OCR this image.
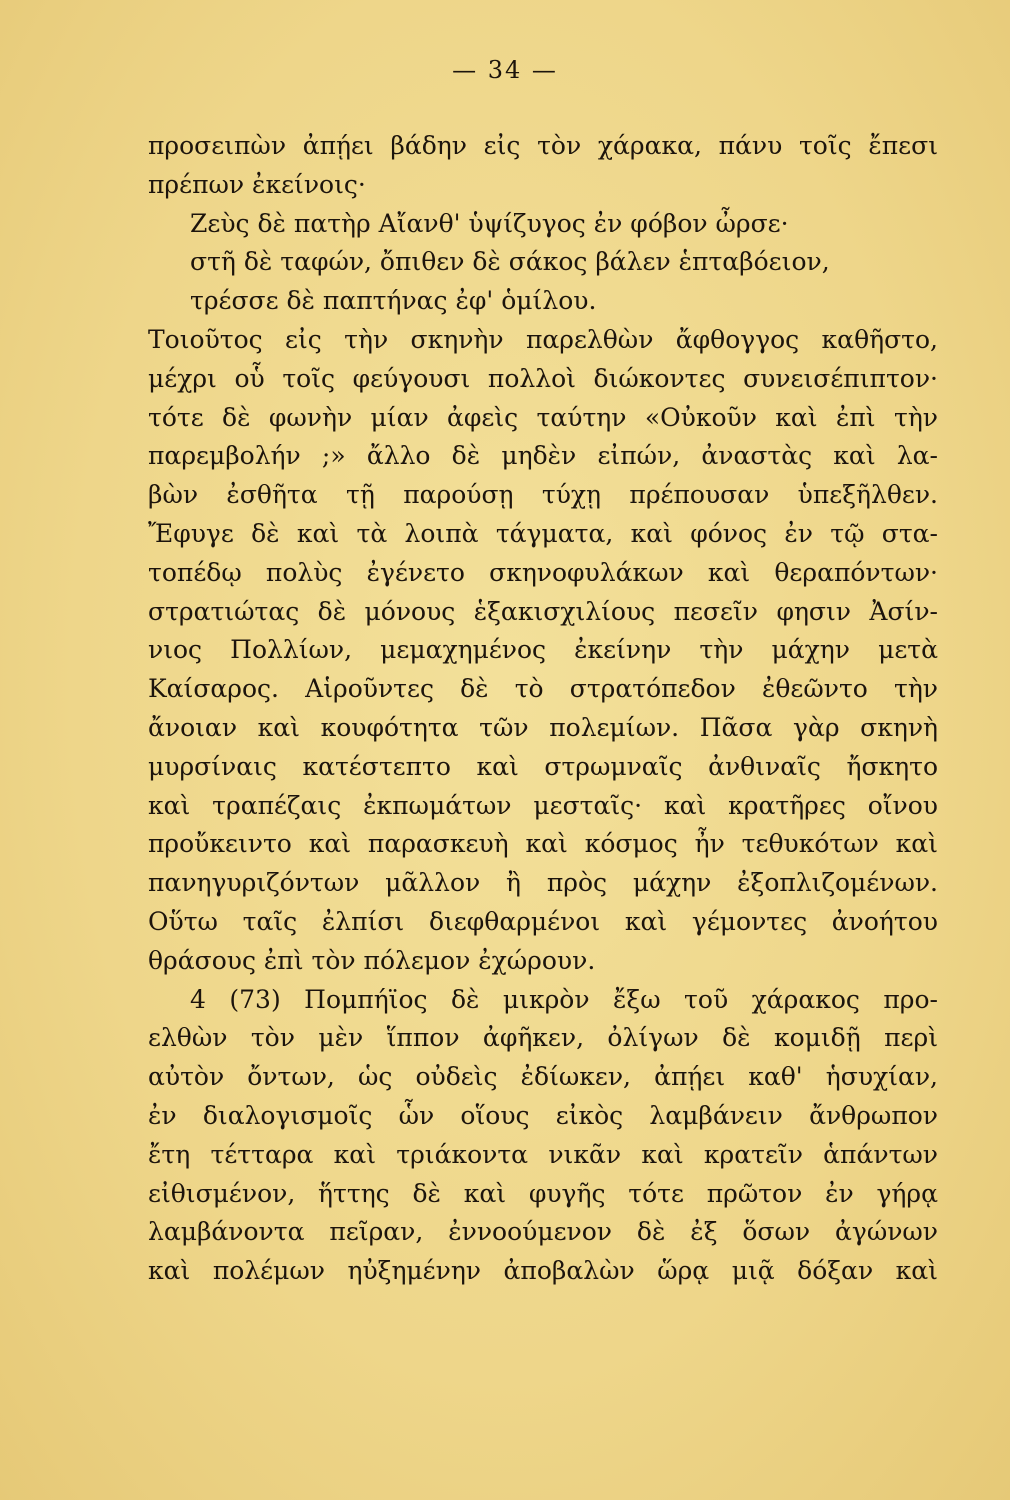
— 34 —
προσειπὼν ἀπῄει βάδην εἰς τὸν χάρακα, πάνυ τοῖς ἔπεσι
πρέπων ἐκείνοις·
Ζεὺς δὲ πατὴρ Αἴανθ' ὑψίζυγος ἐν φόβον ὦρσε·
στῆ δὲ ταφών, ὄπιθεν δὲ σάκος βάλεν ἑπταβόειον,
τρέσσε δὲ παπτήνας ἐφ' ὁμίλου.
Τοιοῦτος εἰς τὴν σκηνὴν παρελθὼν ἄφθογγος καθῆστο,
μέχρι οὗ τοῖς φεύγουσι πολλοὶ διώκοντες συνεισέπιπτον·
τότε δὲ φωνὴν μίαν ἀφεὶς ταύτην «Οὐκοῦν καὶ ἐπὶ τὴν
παρεμβολήν ;» ἄλλο δὲ μηδὲν εἰπών, ἀναστὰς καὶ λα-
βὼν ἐσθῆτα τῇ παρούσῃ τύχῃ πρέπουσαν ὑπεξῆλθεν.
Ἔφυγε δὲ καὶ τὰ λοιπὰ τάγματα, καὶ φόνος ἐν τῷ στα-
τοπέδῳ πολὺς ἐγένετο σκηνοφυλάκων καὶ θεραπόντων·
στρατιώτας δὲ μόνους ἑξακισχιλίους πεσεῖν φησιν Ἀσίν-
νιος Πολλίων, μεμαχημένος ἐκείνην τὴν μάχην μετὰ
Καίσαρος. Αἱροῦντες δὲ τὸ στρατόπεδον ἐθεῶντο τὴν
ἄνοιαν καὶ κουφότητα τῶν πολεμίων. Πᾶσα γὰρ σκηνὴ
μυρσίναις κατέστεπτο καὶ στρωμναῖς ἀνθιναῖς ἤσκητο
καὶ τραπέζαις ἐκπωμάτων μεσταῖς· καὶ κρατῆρες οἴνου
προὔκειντο καὶ παρασκευὴ καὶ κόσμος ἦν τεθυκότων καὶ
πανηγυριζόντων μᾶλλον ἢ πρὸς μάχην ἐξοπλιζομένων.
Οὕτω ταῖς ἐλπίσι διεφθαρμένοι καὶ γέμοντες ἀνοήτου
θράσους ἐπὶ τὸν πόλεμον ἐχώρουν.
4 (73) Πομπήϊος δὲ μικρὸν ἔξω τοῦ χάρακος προ-
ελθὼν τὸν μὲν ἵππον ἀφῆκεν, ὀλίγων δὲ κομιδῇ περὶ
αὐτὸν ὄντων, ὡς οὐδεὶς ἐδίωκεν, ἀπῄει καθ' ἡσυχίαν,
ἐν διαλογισμοῖς ὧν οἵους εἰκὸς λαμβάνειν ἄνθρωπον
ἔτη τέτταρα καὶ τριάκοντα νικᾶν καὶ κρατεῖν ἁπάντων
εἰθισμένον, ἥττης δὲ καὶ φυγῆς τότε πρῶτον ἐν γήρᾳ
λαμβάνοντα πεῖραν, ἐννοούμενον δὲ ἐξ ὅσων ἀγώνων
καὶ πολέμων ηὐξημένην ἀποβαλὼν ὥρᾳ μιᾷ δόξαν καὶ
